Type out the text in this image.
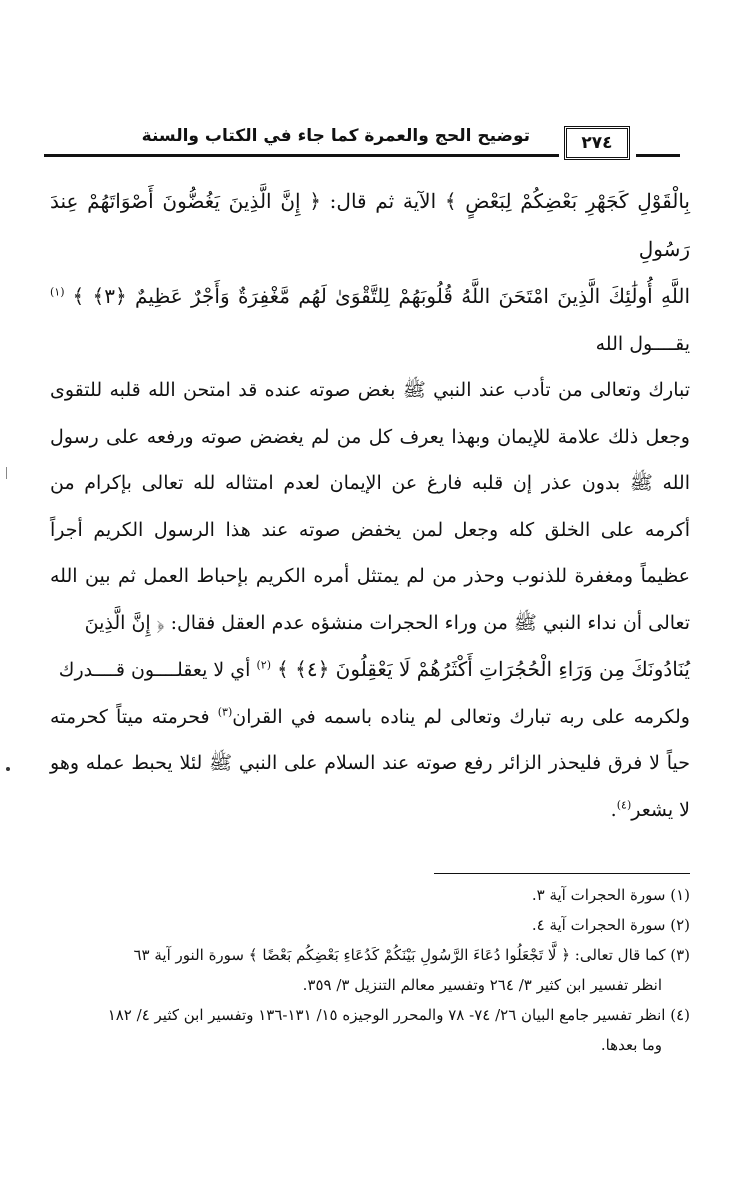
توضيح الحج والعمرة كما جاء في الكتاب والسنة	٢٧٤

بِالْقَوْلِ كَجَهْرِ بَعْضِكُمْ لِبَعْضٍ ﴾ الآية ثم قال: ﴿ إِنَّ الَّذِينَ يَغُضُّونَ أَصْوَاتَهُمْ عِندَ رَسُولِ

اللَّهِ أُولَٰئِكَ الَّذِينَ امْتَحَنَ اللَّهُ قُلُوبَهُمْ لِلتَّقْوَىٰ لَهُم مَّغْفِرَةٌ وَأَجْرٌ عَظِيمٌ ﴿٣﴾ ﴾ $^{(١)}$ يقــــول الله

تبارك وتعالى من تأدب عند النبي ﷺ بغض صوته عنده قد امتحن الله قلبه للتقوى وجعل ذلك علامة للإيمان وبهذا يعرف كل من لم يغضض صوته ورفعه على رسول الله ﷺ بدون عذر إن قلبه فارغ عن الإيمان لعدم امتثاله لله تعالى بإكرام من أكرمه على الخلق كله وجعل لمن يخفض صوته عند هذا الرسول الكريم أجراً عظيماً ومغفرة للذنوب وحذر من لم يمتثل أمره الكريم بإحباط العمل ثم بين الله تعالى أن نداء النبي ﷺ من وراء الحجرات منشؤه عدم العقل فقال: ﴿ إِنَّ الَّذِينَ

يُنَادُونَكَ مِن وَرَاءِ الْحُجُرَاتِ أَكْثَرُهُمْ لَا يَعْقِلُونَ ﴿٤﴾ ﴾ $^{(٢)}$ أي لا يعقلــــون قــــدرك

ولكرمه على ربه تبارك وتعالى لم يناده باسمه في القران$^{(٣)}$ فحرمته ميتاً كحرمته حياً لا فرق فليحذر الزائر رفع صوته عند السلام على النبي ﷺ لئلا يحبط عمله وهو لا يشعر$^{(٤)}$.

(١) سورة الحجرات آية ٣.
(٢) سورة الحجرات آية ٤.
(٣) كما قال تعالى: ﴿ لَّا تَجْعَلُوا دُعَاءَ الرَّسُولِ بَيْنَكُمْ كَدُعَاءِ بَعْضِكُم بَعْضًا ﴾ سورة النور آية ٦٣
انظر تفسير ابن كثير ٣/ ٢٦٤ وتفسير معالم التنزيل ٣/ ٣٥٩.
(٤) انظر تفسير جامع البيان ٢٦/ ٧٤- ٧٨ والمحرر الوجيزه ١٥/ ١٣١-١٣٦ وتفسير ابن كثير ٤/ ١٨٢
وما بعدها.
